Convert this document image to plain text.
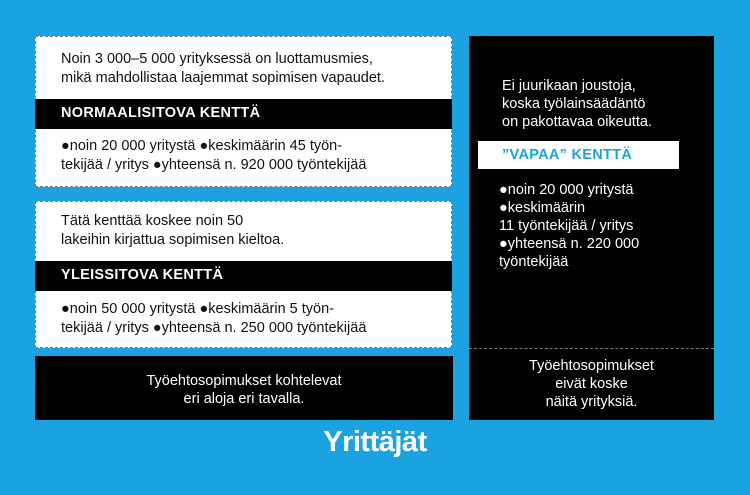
Noin 3 000–5 000 yrityksessä on luottamusmies,
mikä mahdollistaa laajemmat sopimisen vapaudet.
NORMAALISITOVA KENTTÄ
●noin 20 000 yritystä ●keskimäärin 45 työn-
tekijää / yritys ●yhteensä n. 920 000 työntekijää
Tätä kenttää koskee noin 50
lakeihin kirjattua sopimisen kieltoa.
YLEISSITOVA KENTTÄ
●noin 50 000 yritystä ●keskimäärin 5 työn-
tekijää / yritys ●yhteensä n. 250 000 työntekijää
Työehtosopimukset kohtelevat
eri aloja eri tavalla.
Ei juurikaan joustoja,
koska työlainsäädäntö
on pakottavaa oikeutta.
”VAPAA” KENTTÄ
●noin 20 000 yritystä
●keskimäärin
11 työntekijää / yritys
●yhteensä n. 220 000
työntekijää
Työehtosopimukset
eivät koske
näitä yrityksiä.
Yrittäjät
